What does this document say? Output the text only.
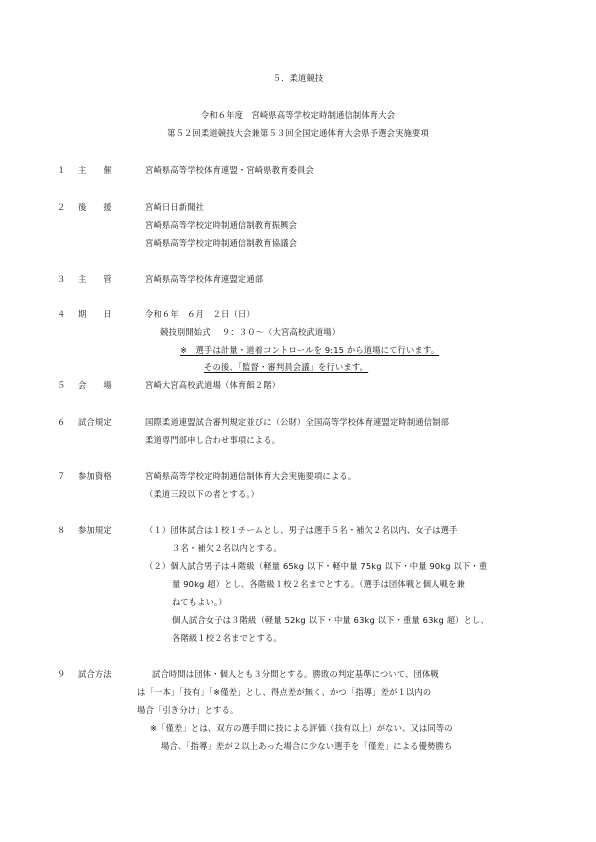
５．柔道競技
令和６年度　宮崎県高等学校定時制通信制体育大会
第５２回柔道競技大会兼第５３回全国定通体育大会県予選会実施要項
１ 主　　催	宮崎県高等学校体育連盟・宮崎県教育委員会
２ 後　　援	宮崎日日新聞社
宮崎県高等学校定時制通信制教育振興会
宮崎県高等学校定時制通信制教育協議会
３ 主　　管	宮崎県高等学校体育連盟定通部
４ 期　　日	令和６年　６月　２日（日）
競技別開始式　 ９：３０～（大宮高校武道場）
※　選手は計量・道着コントロールを 9:15 から道場にて行います。
その後、「監督・審判員会議」を行います。
５ 会　　場	宮崎大宮高校武道場（体育館２階）
６ 試合規定	国際柔道連盟試合審判規定並びに（公財）全国高等学校体育連盟定時制通信制部
柔道専門部申し合わせ事項による。
７ 参加資格	宮崎県高等学校定時制通信制体育大会実施要項による。
（柔道三段以下の者とする。）
８ 参加規定	（１）団体試合は１校１チームとし、男子は選手５名・補欠２名以内、女子は選手
３名・補欠２名以内とする。
（２）個人試合男子は４階級（軽量 65kg 以下・軽中量 75kg 以下・中量 90kg 以下・重
量 90kg 超）とし、各階級１校２名までとする。（選手は団体戦と個人戦を兼
ねてもよい。）
個人試合女子は３階級（軽量 52kg 以下・中量 63kg 以下・重量 63kg 超）とし、
各階級１校２名までとする。
９ 試合方法	試合時間は団体・個人とも３分間とする。勝敗の判定基準について、団体戦
は「一本」「技有」「※僅差」とし、得点差が無く、かつ「指導」差が１以内の
場合「引き分け」とする。
※「僅差」とは、双方の選手間に技による評価（技有以上）がない、又は同等の
場合、「指導」差が２以上あった場合に少ない選手を「僅差」による優勢勝ち
